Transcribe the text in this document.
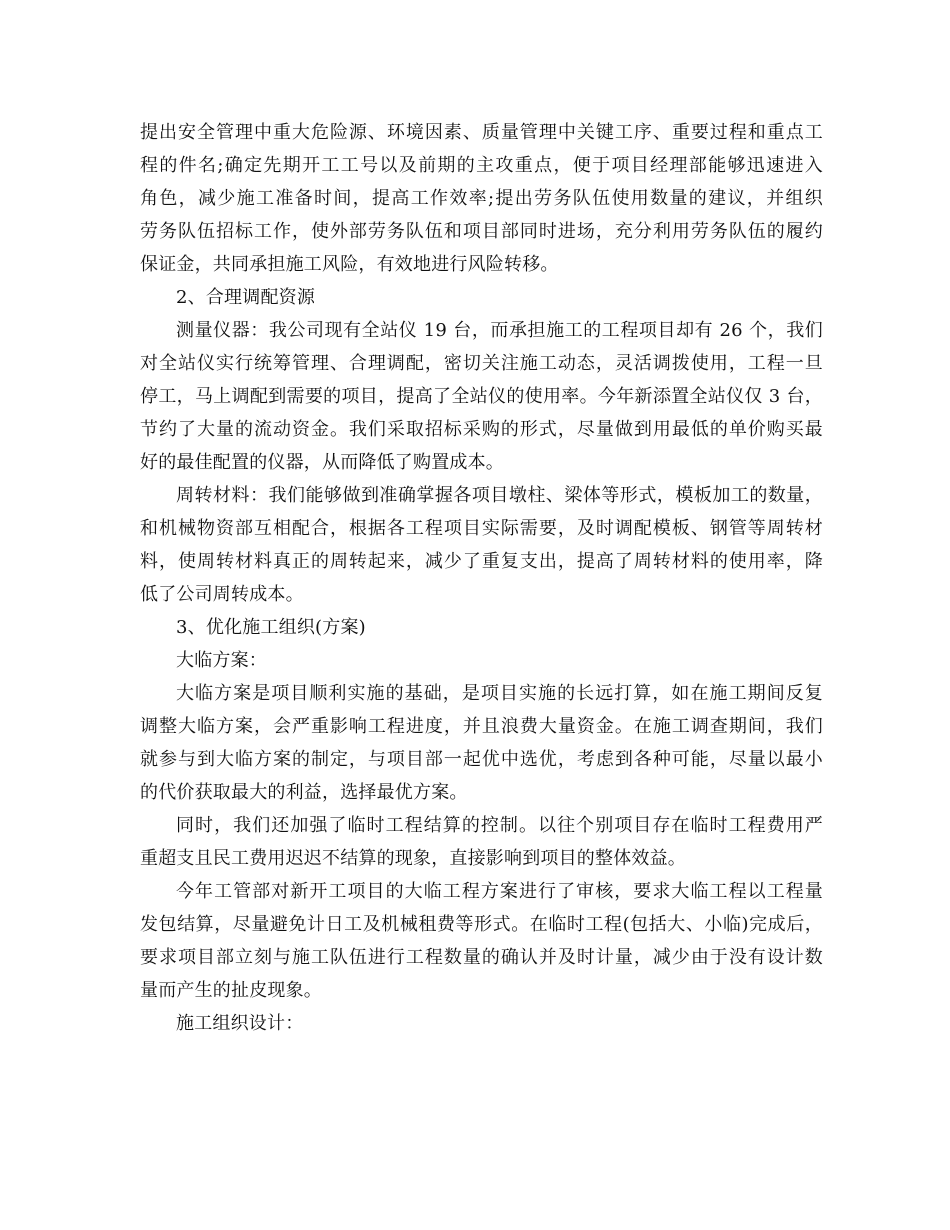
提出安全管理中重大危险源、环境因素、质量管理中关键工序、重要过程和重点工
程的件名;确定先期开工工号以及前期的主攻重点，便于项目经理部能够迅速进入
角色，减少施工准备时间，提高工作效率;提出劳务队伍使用数量的建议，并组织
劳务队伍招标工作，使外部劳务队伍和项目部同时进场，充分利用劳务队伍的履约
保证金，共同承担施工风险，有效地进行风险转移。
2、合理调配资源
测量仪器：我公司现有全站仪 19 台，而承担施工的工程项目却有 26 个，我们
对全站仪实行统筹管理、合理调配，密切关注施工动态，灵活调拨使用，工程一旦
停工，马上调配到需要的项目，提高了全站仪的使用率。今年新添置全站仪仅 3 台，
节约了大量的流动资金。我们采取招标采购的形式，尽量做到用最低的单价购买最
好的最佳配置的仪器，从而降低了购置成本。
周转材料：我们能够做到准确掌握各项目墩柱、梁体等形式，模板加工的数量，
和机械物资部互相配合，根据各工程项目实际需要，及时调配模板、钢管等周转材
料，使周转材料真正的周转起来，减少了重复支出，提高了周转材料的使用率，降
低了公司周转成本。
3、优化施工组织(方案)
大临方案：
大临方案是项目顺利实施的基础，是项目实施的长远打算，如在施工期间反复
调整大临方案，会严重影响工程进度，并且浪费大量资金。在施工调查期间，我们
就参与到大临方案的制定，与项目部一起优中选优，考虑到各种可能，尽量以最小
的代价获取最大的利益，选择最优方案。
同时，我们还加强了临时工程结算的控制。以往个别项目存在临时工程费用严
重超支且民工费用迟迟不结算的现象，直接影响到项目的整体效益。
今年工管部对新开工项目的大临工程方案进行了审核，要求大临工程以工程量
发包结算，尽量避免计日工及机械租费等形式。在临时工程(包括大、小临)完成后，
要求项目部立刻与施工队伍进行工程数量的确认并及时计量，减少由于没有设计数
量而产生的扯皮现象。
施工组织设计：
